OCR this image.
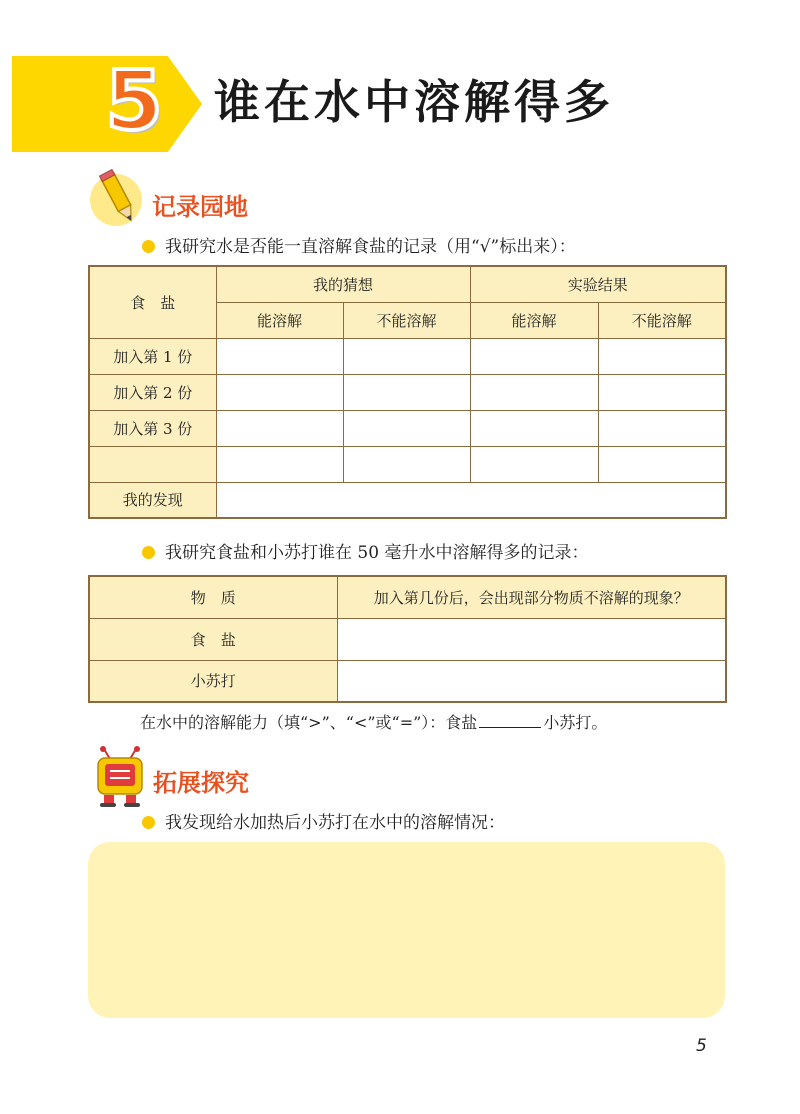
5 谁在水中溶解得多
记录园地
我研究水是否能一直溶解食盐的记录（用“√”标出来）：
食　盐	我的猜想		实验结果	
	能溶解	不能溶解	能溶解	不能溶解
加入第 1 份				
加入第 2 份				
加入第 3 份				

我的发现				
我研究食盐和小苏打谁在 50 毫升水中溶解得多的记录：
物　质	加入第几份后，会出现部分物质不溶解的现象？
食　盐	
小苏打	
在水中的溶解能力（填“>”、“<”或“=”）：食盐	小苏打。
拓展探究
我发现给水加热后小苏打在水中的溶解情况：
5
